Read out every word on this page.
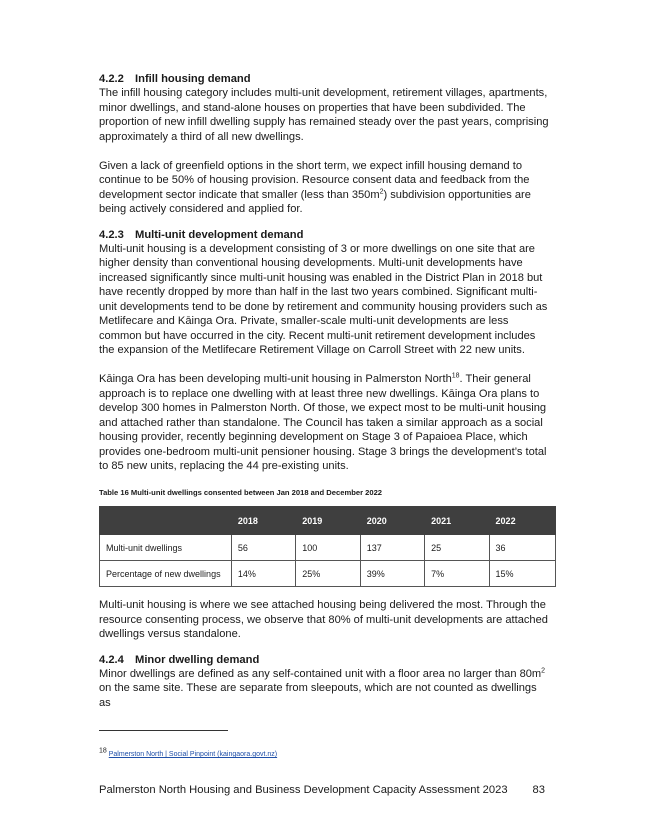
4.2.2 Infill housing demand

The infill housing category includes multi-unit development, retirement villages, apartments, minor dwellings, and stand-alone houses on properties that have been subdivided. The proportion of new infill dwelling supply has remained steady over the past years, comprising approximately a third of all new dwellings.

Given a lack of greenfield options in the short term, we expect infill housing demand to continue to be 50% of housing provision. Resource consent data and feedback from the development sector indicate that smaller (less than $350m^2$) subdivision opportunities are being actively considered and applied for.

4.2.3 Multi-unit development demand

Multi-unit housing is a development consisting of 3 or more dwellings on one site that are higher density than conventional housing developments. Multi-unit developments have increased significantly since multi-unit housing was enabled in the District Plan in 2018 but have recently dropped by more than half in the last two years combined. Significant multi-unit developments tend to be done by retirement and community housing providers such as Metlifecare and Kāinga Ora. Private, smaller-scale multi-unit developments are less common but have occurred in the city. Recent multi-unit retirement development includes the expansion of the Metlifecare Retirement Village on Carroll Street with 22 new units.

Kāinga Ora has been developing multi-unit housing in Palmerston North$^{18}$. Their general approach is to replace one dwelling with at least three new dwellings. Kāinga Ora plans to develop 300 homes in Palmerston North. Of those, we expect most to be multi-unit housing and attached rather than standalone. The Council has taken a similar approach as a social housing provider, recently beginning development on Stage 3 of Papaioea Place, which provides one-bedroom multi-unit pensioner housing. Stage 3 brings the development’s total to 85 new units, replacing the 44 pre-existing units.

Table 16 Multi-unit dwellings consented between Jan 2018 and December 2022

	2018	2019	2020	2021	2022
Multi-unit dwellings	56	100	137	25	36
Percentage of new dwellings	14%	25%	39%	7%	15%

Multi-unit housing is where we see attached housing being delivered the most. Through the resource consenting process, we observe that 80% of multi-unit developments are attached dwellings versus standalone.

4.2.4 Minor dwelling demand

Minor dwellings are defined as any self-contained unit with a floor area no larger than $80m^2$ on the same site. These are separate from sleepouts, which are not counted as dwellings as

$^{18}$ Palmerston North | Social Pinpoint (kaingaora.govt.nz)
Palmerston North Housing and Business Development Capacity Assessment 2023 83
